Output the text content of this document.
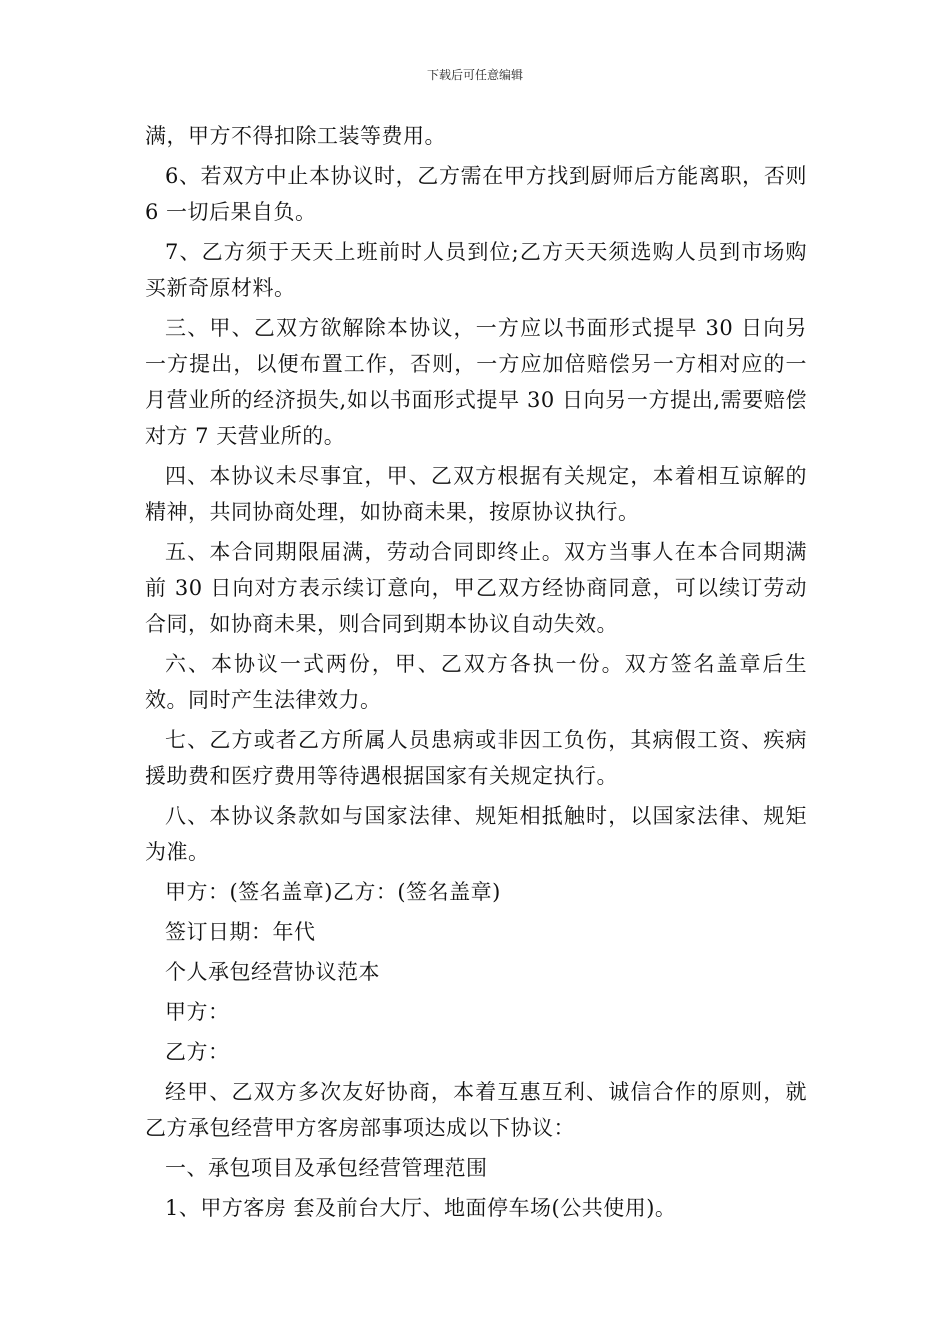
下载后可任意编辑

满，甲方不得扣除工装等费用。

6、若双方中止本协议时，乙方需在甲方找到厨师后方能离职，否则 6 一切后果自负。

7、乙方须于天天上班前时人员到位;乙方天天须选购人员到市场购买新奇原材料。

三、甲、乙双方欲解除本协议，一方应以书面形式提早 30 日向另一方提出，以便布置工作，否则，一方应加倍赔偿另一方相对应的一月营业所的经济损失,如以书面形式提早 30 日向另一方提出,需要赔偿对方 7 天营业所的。

四、本协议未尽事宜，甲、乙双方根据有关规定，本着相互谅解的精神，共同协商处理，如协商未果，按原协议执行。

五、本合同期限届满，劳动合同即终止。双方当事人在本合同期满前 30 日向对方表示续订意向，甲乙双方经协商同意，可以续订劳动合同，如协商未果，则合同到期本协议自动失效。

六、本协议一式两份，甲、乙双方各执一份。双方签名盖章后生效。同时产生法律效力。

七、乙方或者乙方所属人员患病或非因工负伤，其病假工资、疾病援助费和医疗费用等待遇根据国家有关规定执行。

八、本协议条款如与国家法律、规矩相抵触时，以国家法律、规矩为准。

甲方：(签名盖章)乙方：(签名盖章)

签订日期：年代

个人承包经营协议范本

甲方：

乙方：

经甲、乙双方多次友好协商，本着互惠互利、诚信合作的原则，就乙方承包经营甲方客房部事项达成以下协议：

一、承包项目及承包经营管理范围

1、甲方客房 套及前台大厅、地面停车场(公共使用)。
